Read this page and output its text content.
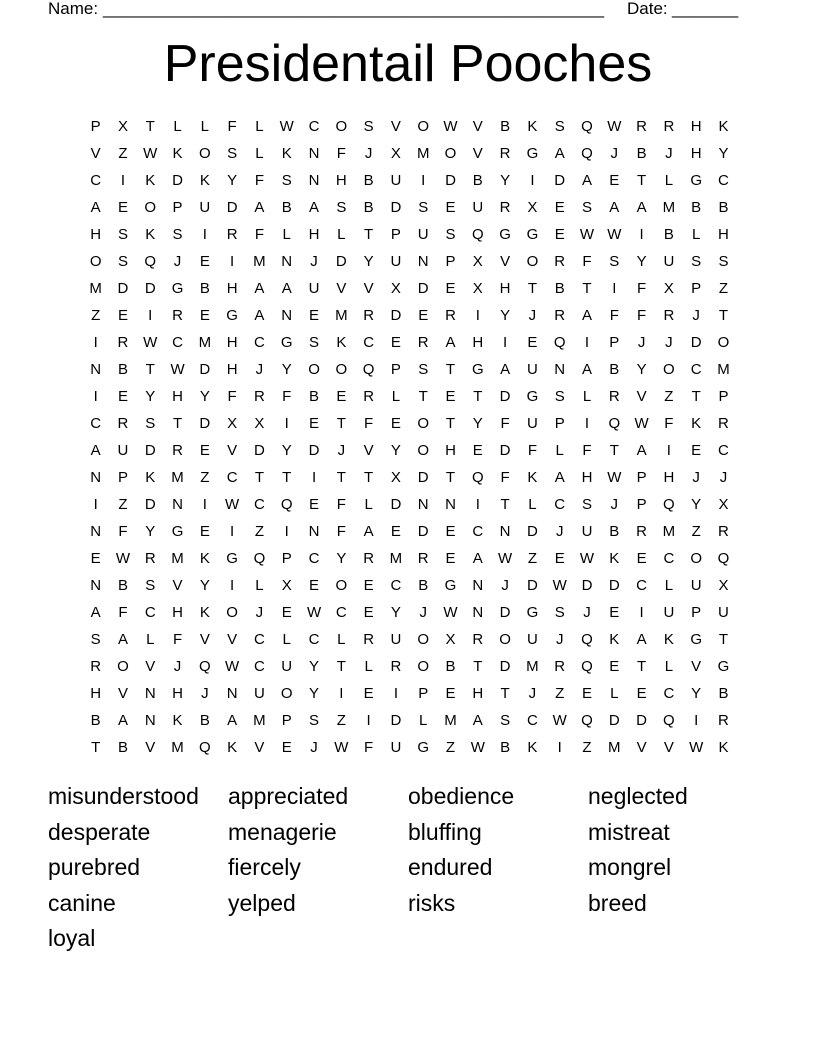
Name: _____________________________________________________ Date: _______
Presidentail Pooches
P	X	T	L	L	F	L	W C	O	S	V	O W	V	B	K	S	Q W R	R	H	K
V	Z	W	K	O	S	L	K	N	F	J	X	M	O	V	R	G	A	Q	J	B	J	H	Y
C	I	K	D	K	Y	F	S	N	H	B	U	I	D	B	Y	I	D	A	E	T	L	G	C
A	E	O	P	U	D	A	B	A	S	B	D	S	E	U	R	X	E	S	A	A	M	B	B
H	S	K	S	I	R	F	L	H	L	T	P	U	S	Q	G	G	E	W W	I	B	L	H
O	S	Q	J	E	I	M	N	J	D	Y	U	N	P	X	V	O	R	F	S	Y	U	S	S
M	D	D	G	B	H	A	A	U	V	V	X	D	E	X	H	T	B	T	I	F	X	P	Z
Z	E	I	R	E	G	A	N	E	M	R	D	E	R	I	Y	J	R	A	F	F	R	J	T
I	R W C	M	H	C	G	S	K	C	E	R	A	H	I	E	Q	I	P	J	J	D	O
N	B	T	W D	H	J	Y	O	O	Q	P	S	T	G	A	U	N	A	B	Y	O	C	M
I	E	Y	H	Y	F	R	F	B	E	R	L	T	E	T	D	G	S	L	R	V	Z	T	P
C	R	S	T	D	X	X	I	E	T	F	E	O	T	Y	F	U	P	I	Q W	F	K	R
A	U	D	R	E	V	D	Y	D	J	V	Y	O	H	E	D	F	L	F	T	A	I	E	C
N	P	K	M	Z	C	T	T	I	T	T	X	D	T	Q	F	K	A	H W	P	H	J	J
I	Z	D	N	I	W C	Q	E	F	L	D	N	N	I	T	L	C	S	J	P	Q	Y	X
N	F	Y	G	E	I	Z	I	N	F	A	E	D	E	C	N	D	J	U	B	R	M	Z	R
E	W R	M	K	G	Q	P	C	Y	R	M	R	E	A	W	Z	E	W	K	E	C	O	Q
N	B	S	V	Y	I	L	X	E	O	E	C	B	G	N	J	D W D	D	C	L	U	X
A	F	C	H	K	O	J	E	W C	E	Y	J	W N	D	G	S	J	E	I	U	P	U
S	A	L	F	V	V	C	L	C	L	R	U	O	X	R	O	U	J	Q	K	A	K	G	T
R	O	V	J	Q W C	U	Y	T	L	R	O	B	T	D	M	R	Q	E	T	L	V	G
H	V	N	H	J	N	U	O	Y	I	E	I	P	E	H	T	J	Z	E	L	E	C	Y	B
B	A	N	K	B	A	M	P	S	Z	I	D	L	M	A	S	C W Q	D	D	Q	I	R
T	B	V	M	Q	K	V	E	J	W	F	U	G	Z	W	B	K	I	Z	M	V	V	W	K
misunderstood	appreciated	obedience	neglected
desperate	menagerie	bluffing	mistreat
purebred	fiercely	endured	mongrel
canine	yelped	risks	breed
loyal
